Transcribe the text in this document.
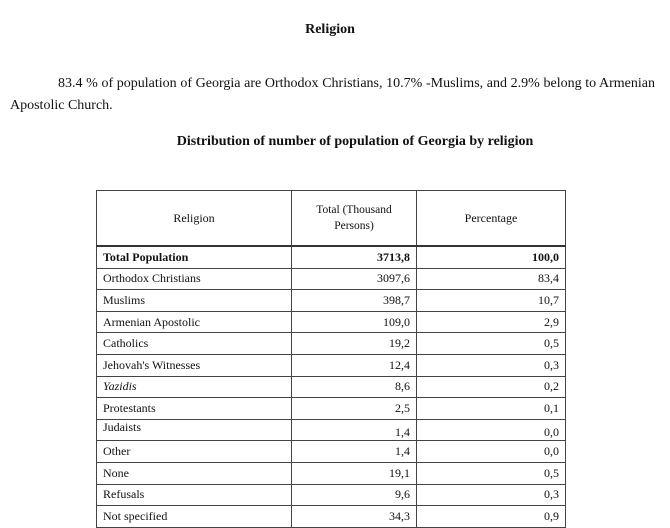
Religion

83.4 % of population of Georgia are Orthodox Christians, 10.7% -Muslims, and 2.9% belong to Armenian Apostolic Church.

Distribution of number of population of Georgia by religion
Religion	Total (Thousand Persons)	Percentage
Total Population	3713,8	100,0
Orthodox Christians	3097,6	83,4
Muslims	398,7	10,7
Armenian Apostolic	109,0	2,9
Catholics	19,2	0,5
Jehovah's Witnesses	12,4	0,3
Yazidis	8,6	0,2
Protestants	2,5	0,1
Judaists	1,4	0,0
Other	1,4	0,0
None	19,1	0,5
Refusals	9,6	0,3
Not specified	34,3	0,9
